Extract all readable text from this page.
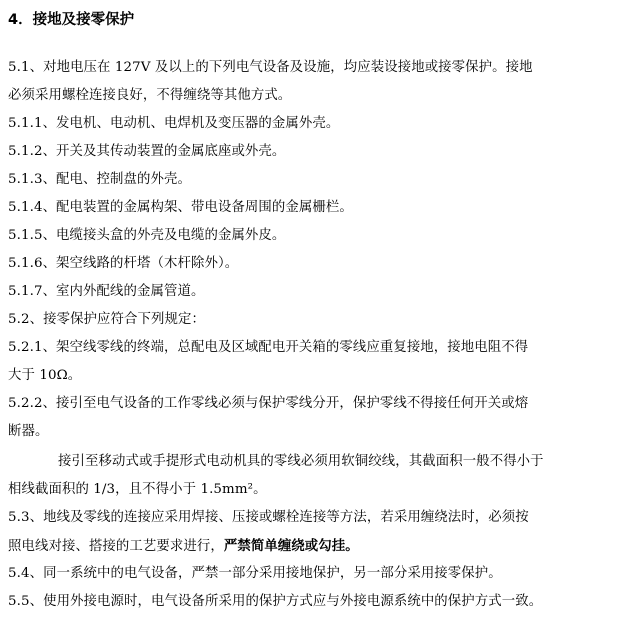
4．接地及接零保护
5.1、对地电压在 127V 及以上的下列电气设备及设施，均应装设接地或接零保护。接地
必须采用螺栓连接良好，不得缠绕等其他方式。
5.1.1、发电机、电动机、电焊机及变压器的金属外壳。
5.1.2、开关及其传动装置的金属底座或外壳。
5.1.3、配电、控制盘的外壳。
5.1.4、配电装置的金属构架、带电设备周围的金属栅栏。
5.1.5、电缆接头盒的外壳及电缆的金属外皮。
5.1.6、架空线路的杆塔（木杆除外）。
5.1.7、室内外配线的金属管道。
5.2、接零保护应符合下列规定：
5.2.1、架空线零线的终端，总配电及区域配电开关箱的零线应重复接地，接地电阻不得
大于 10Ω。
5.2.2、接引至电气设备的工作零线必须与保护零线分开，保护零线不得接任何开关或熔
断器。
接引至移动式或手提形式电动机具的零线必须用软铜绞线，其截面积一般不得小于
相线截面积的 1/3，且不得小于 1.5mm²。
5.3、地线及零线的连接应采用焊接、压接或螺栓连接等方法，若采用缠绕法时，必须按
照电线对接、搭接的工艺要求进行，严禁简单缠绕或勾挂。
5.4、同一系统中的电气设备，严禁一部分采用接地保护，另一部分采用接零保护。
5.5、使用外接电源时，电气设备所采用的保护方式应与外接电源系统中的保护方式一致。
